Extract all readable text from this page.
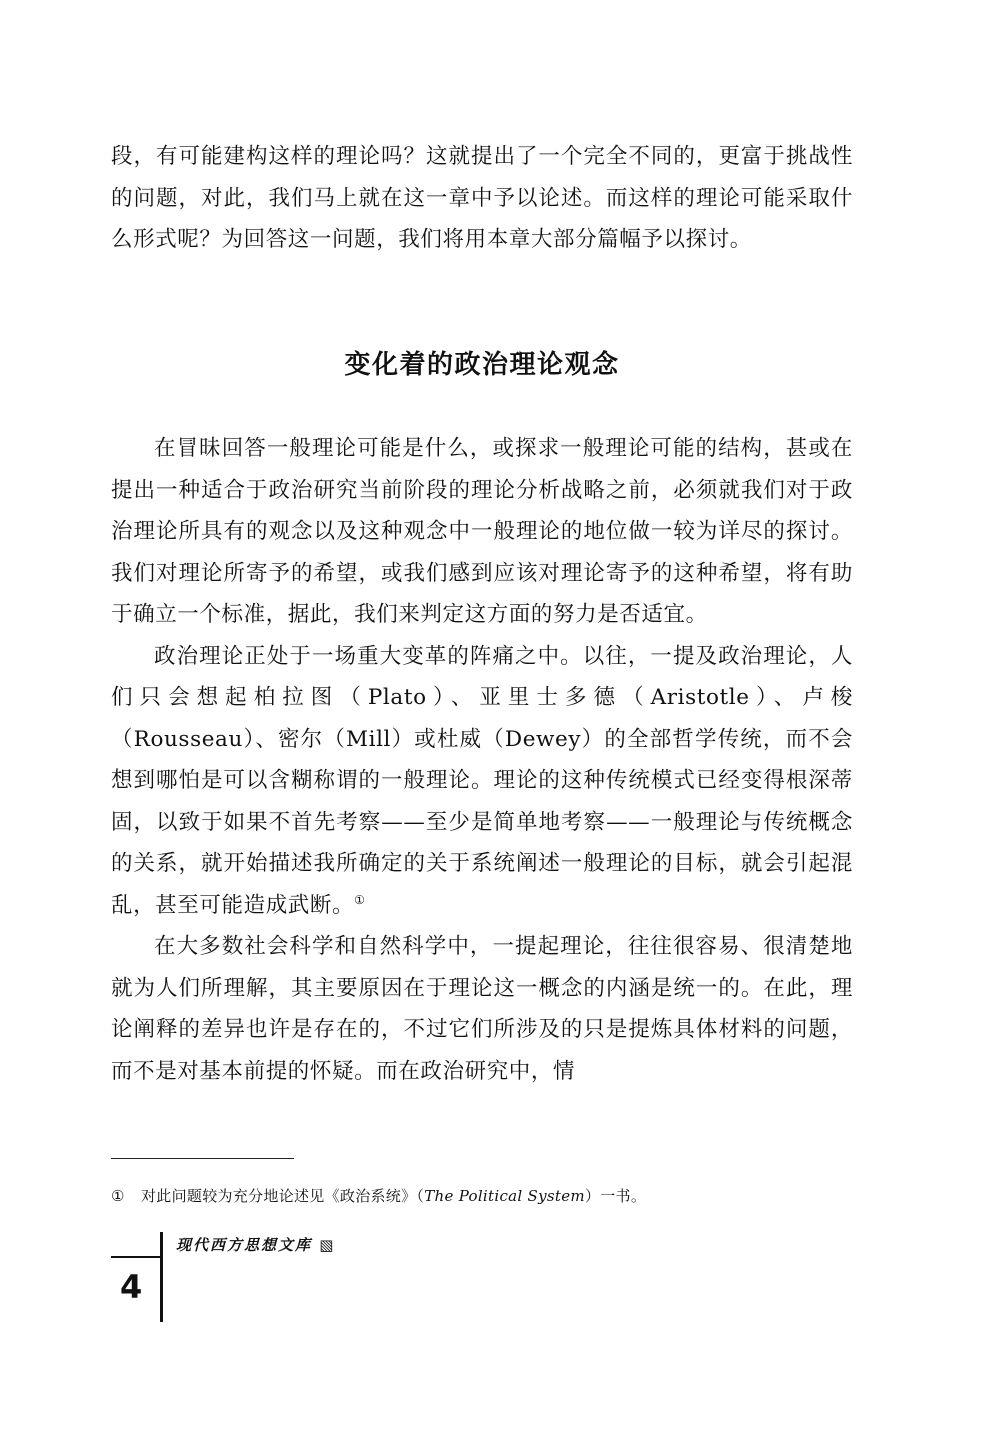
段，有可能建构这样的理论吗？这就提出了一个完全不同的，更富于挑战性的问题，对此，我们马上就在这一章中予以论述。而这样的理论可能采取什么形式呢？为回答这一问题，我们将用本章大部分篇幅予以探讨。

变化着的政治理论观念

在冒昧回答一般理论可能是什么，或探求一般理论可能的结构，甚或在提出一种适合于政治研究当前阶段的理论分析战略之前，必须就我们对于政治理论所具有的观念以及这种观念中一般理论的地位做一较为详尽的探讨。我们对理论所寄予的希望，或我们感到应该对理论寄予的这种希望，将有助于确立一个标准，据此，我们来判定这方面的努力是否适宜。

政治理论正处于一场重大变革的阵痛之中。以往，一提及政治理论，人们只会想起柏拉图（Plato）、亚里士多德（Aristotle）、卢梭（Rousseau）、密尔（Mill）或杜威（Dewey）的全部哲学传统，而不会想到哪怕是可以含糊称谓的一般理论。理论的这种传统模式已经变得根深蒂固，以致于如果不首先考察——至少是简单地考察——一般理论与传统概念的关系，就开始描述我所确定的关于系统阐述一般理论的目标，就会引起混乱，甚至可能造成武断。①

在大多数社会科学和自然科学中，一提起理论，往往很容易、很清楚地就为人们所理解，其主要原因在于理论这一概念的内涵是统一的。在此，理论阐释的差异也许是存在的，不过它们所涉及的只是提炼具体材料的问题，而不是对基本前提的怀疑。而在政治研究中，情

① 对此问题较为充分地论述见《政治系统》（The Political System）一书。
现代西方思想文库 ▧
4
